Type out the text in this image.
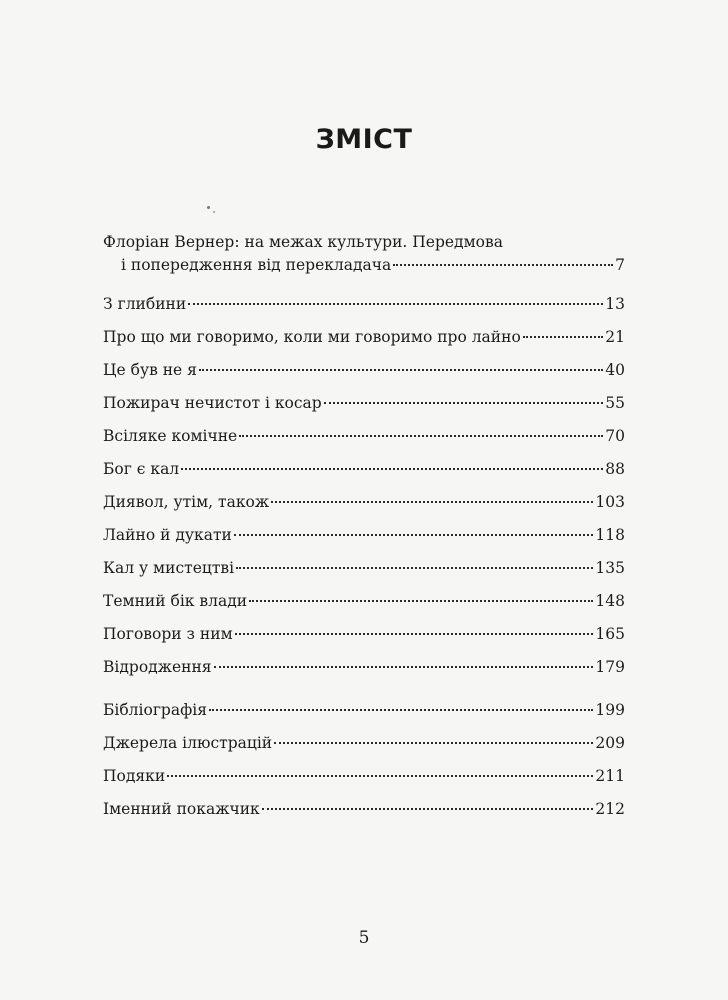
ЗМІСТ
Флоріан Вернер: на межах культури. Передмова
і попередження від перекладача	7
З глибини	13
Про що ми говоримо, коли ми говоримо про лайно	21
Це був не я	40
Пожирач нечистот і косар	55
Всіляке комічне	70
Бог є кал	88
Диявол, утім, також	103
Лайно й дукати	118
Кал у мистецтві	135
Темний бік влади	148
Поговори з ним	165
Відродження	179
Бібліографія	199
Джерела ілюстрацій	209
Подяки	211
Іменний покажчик	212
5
